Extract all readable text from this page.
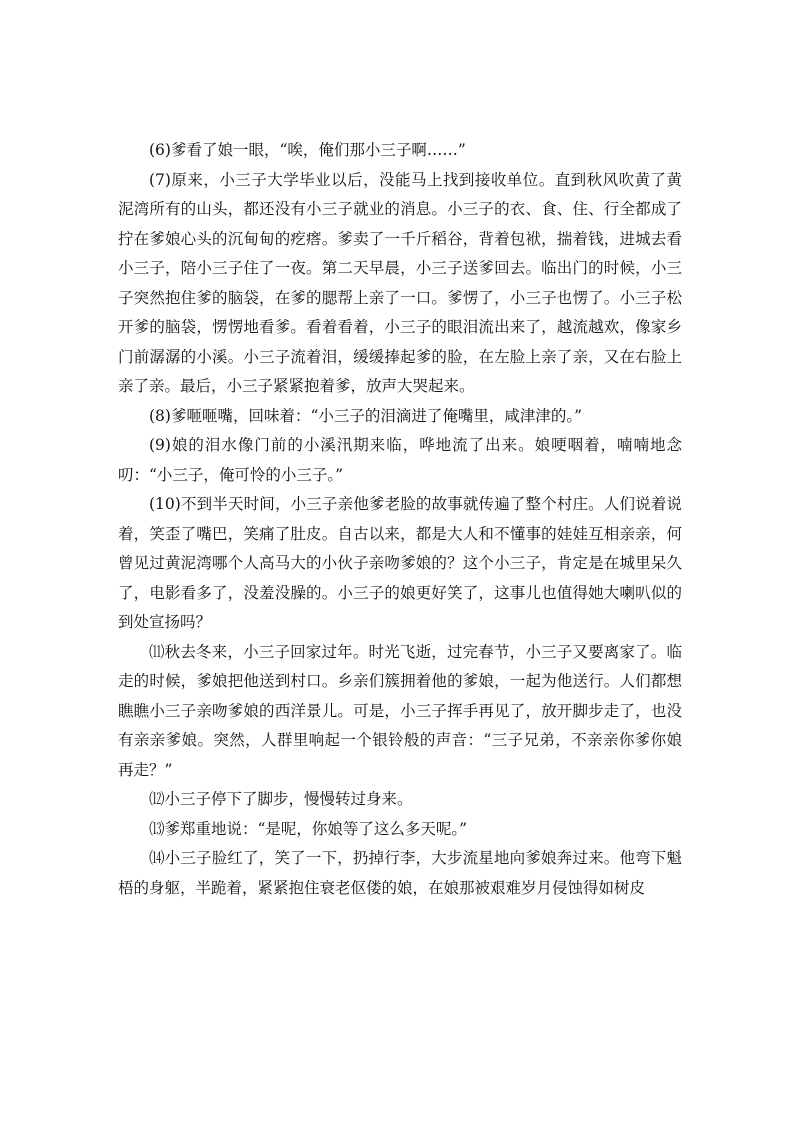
(6)爹看了娘一眼，“唉，俺们那小三子啊……”

(7)原来，小三子大学毕业以后，没能马上找到接收单位。直到秋风吹黄了黄泥湾所有的山头，都还没有小三子就业的消息。小三子的衣、食、住、行全都成了拧在爹娘心头的沉甸甸的疙瘩。爹卖了一千斤稻谷，背着包袱，揣着钱，进城去看小三子，陪小三子住了一夜。第二天早晨，小三子送爹回去。临出门的时候，小三子突然抱住爹的脑袋，在爹的腮帮上亲了一口。爹愣了，小三子也愣了。小三子松开爹的脑袋，愣愣地看爹。看着看着，小三子的眼泪流出来了，越流越欢，像家乡门前潺潺的小溪。小三子流着泪，缓缓捧起爹的脸，在左脸上亲了亲，又在右脸上亲了亲。最后，小三子紧紧抱着爹，放声大哭起来。

(8)爹咂咂嘴，回味着：“小三子的泪滴进了俺嘴里，咸津津的。”

(9)娘的泪水像门前的小溪汛期来临，哗地流了出来。娘哽咽着，喃喃地念叨：“小三子，俺可怜的小三子。”

(10)不到半天时间，小三子亲他爹老脸的故事就传遍了整个村庄。人们说着说着，笑歪了嘴巴，笑痛了肚皮。自古以来，都是大人和不懂事的娃娃互相亲亲，何曾见过黄泥湾哪个人高马大的小伙子亲吻爹娘的？这个小三子，肯定是在城里呆久了，电影看多了，没羞没臊的。小三子的娘更好笑了，这事儿也值得她大喇叭似的到处宣扬吗？

⑾秋去冬来，小三子回家过年。时光飞逝，过完春节，小三子又要离家了。临走的时候，爹娘把他送到村口。乡亲们簇拥着他的爹娘，一起为他送行。人们都想瞧瞧小三子亲吻爹娘的西洋景儿。可是，小三子挥手再见了，放开脚步走了，也没有亲亲爹娘。突然，人群里响起一个银铃般的声音：“三子兄弟，不亲亲你爹你娘再走？”

⑿小三子停下了脚步，慢慢转过身来。

⒀爹郑重地说：“是呢，你娘等了这么多天呢。”

⒁小三子脸红了，笑了一下，扔掉行李，大步流星地向爹娘奔过来。他弯下魁梧的身躯，半跪着，紧紧抱住衰老伛偻的娘，在娘那被艰难岁月侵蚀得如树皮
